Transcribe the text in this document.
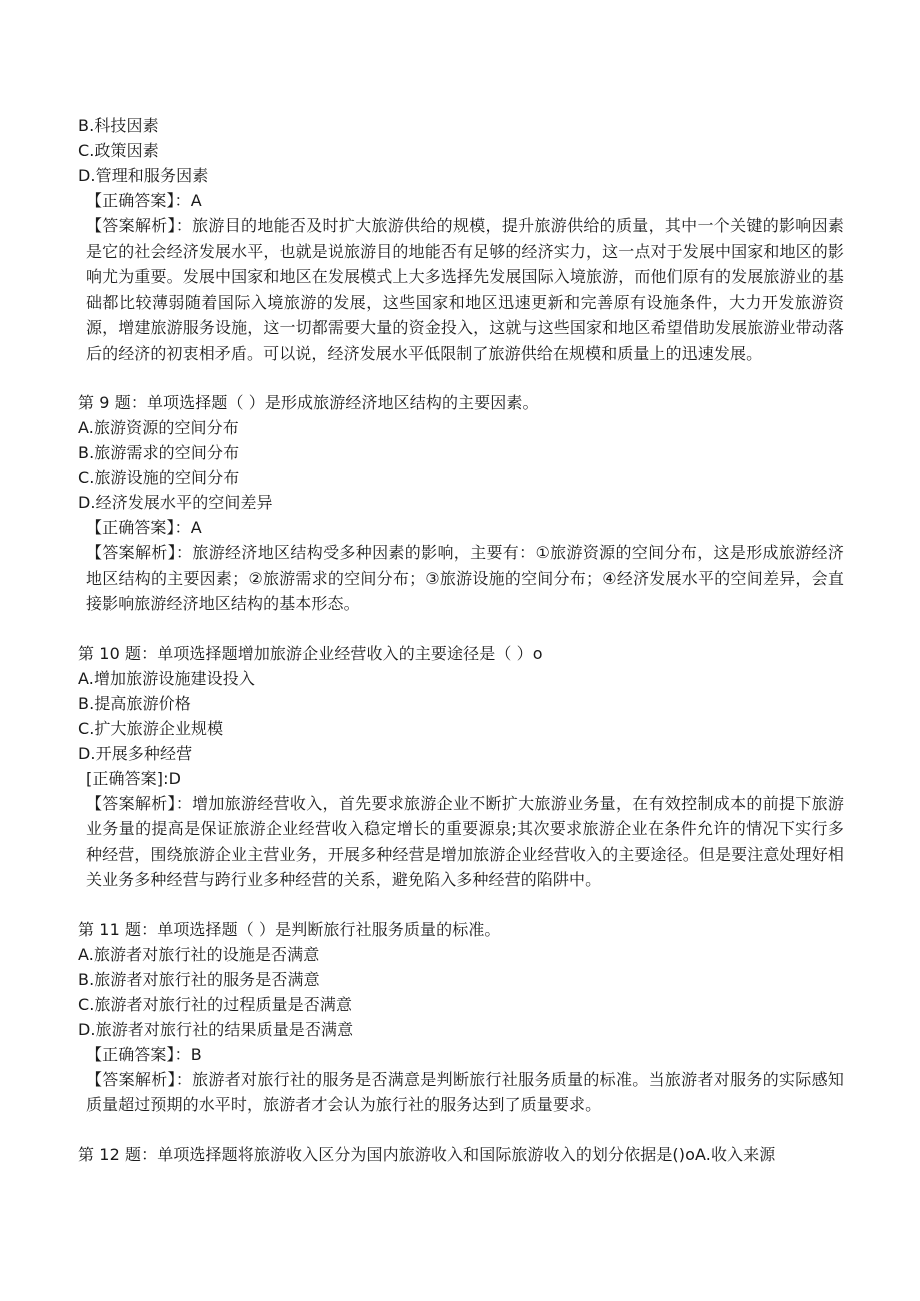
B.科技因素
C.政策因素
D.管理和服务因素
【正确答案】：A

【答案解析】：旅游目的地能否及时扩大旅游供给的规模，提升旅游供给的质量，其中一个关键的影响因素是它的社会经济发展水平，也就是说旅游目的地能否有足够的经济实力，这一点对于发展中国家和地区的影响尤为重要。发展中国家和地区在发展模式上大多选择先发展国际入境旅游，而他们原有的发展旅游业的基础都比较薄弱随着国际入境旅游的发展，这些国家和地区迅速更新和完善原有设施条件，大力开发旅游资源，增建旅游服务设施，这一切都需要大量的资金投入，这就与这些国家和地区希望借助发展旅游业带动落后的经济的初衷相矛盾。可以说，经济发展水平低限制了旅游供给在规模和质量上的迅速发展。

第 9 题：单项选择题（ ）是形成旅游经济地区结构的主要因素。
A.旅游资源的空间分布
B.旅游需求的空间分布
C.旅游设施的空间分布
D.经济发展水平的空间差异
【正确答案】：A

【答案解析】：旅游经济地区结构受多种因素的影响，主要有：①旅游资源的空间分布，这是形成旅游经济地区结构的主要因素；②旅游需求的空间分布；③旅游设施的空间分布；④经济发展水平的空间差异，会直接影响旅游经济地区结构的基本形态。

第 10 题：单项选择题增加旅游企业经营收入的主要途径是（ ）o
A.增加旅游设施建设投入
B.提高旅游价格
C.扩大旅游企业规模
D.开展多种经营
[正确答案]:D

【答案解析】：增加旅游经营收入，首先要求旅游企业不断扩大旅游业务量，在有效控制成本的前提下旅游业务量的提高是保证旅游企业经营收入稳定增长的重要源泉;其次要求旅游企业在条件允许的情况下实行多种经营，围绕旅游企业主营业务，开展多种经营是增加旅游企业经营收入的主要途径。但是要注意处理好相关业务多种经营与跨行业多种经营的关系，避免陷入多种经营的陷阱中。

第 11 题：单项选择题（ ）是判断旅行社服务质量的标准。
A.旅游者对旅行社的设施是否满意
B.旅游者对旅行社的服务是否满意
C.旅游者对旅行社的过程质量是否满意
D.旅游者对旅行社的结果质量是否满意
【正确答案】：B

【答案解析】：旅游者对旅行社的服务是否满意是判断旅行社服务质量的标准。当旅游者对服务的实际感知质量超过预期的水平时，旅游者才会认为旅行社的服务达到了质量要求。

第 12 题：单项选择题将旅游收入区分为国内旅游收入和国际旅游收入的划分依据是()oA.收入来源
